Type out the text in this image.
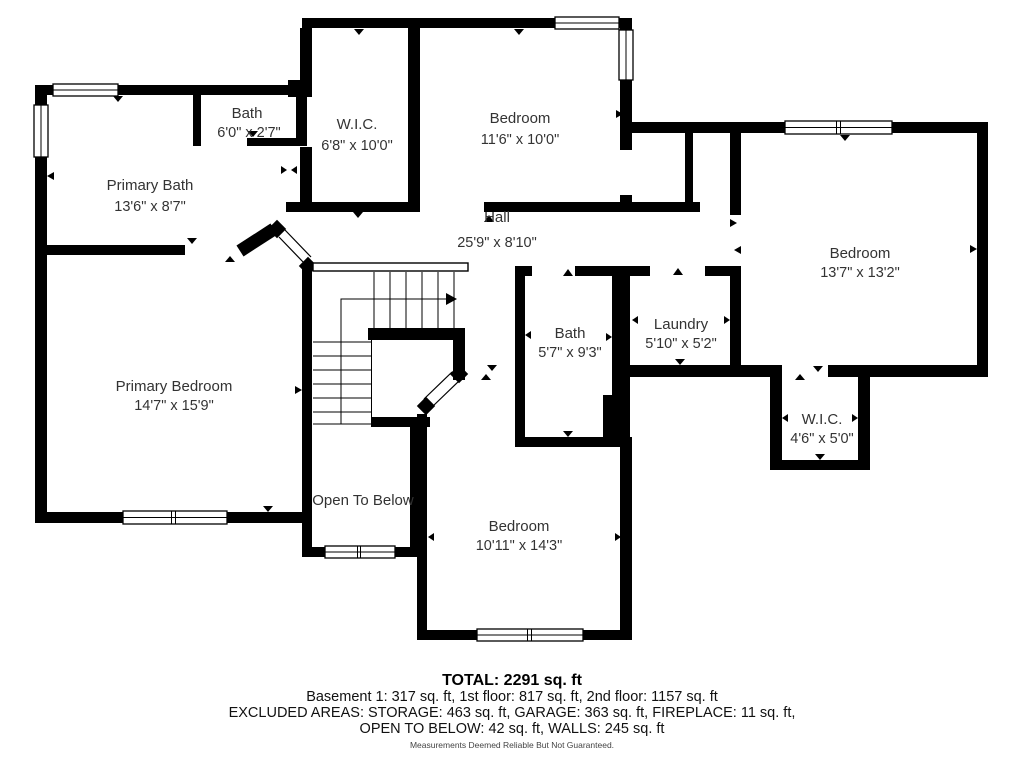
Bath
6'0" x 2'7"	W.I.C.
6'8" x 10'0"
Bedroom
11'6" x 10'0"
Primary Bath
13'6" x 8'7"
Hall
25'9" x 8'10"
Bedroom
13'7" x 13'2"
Primary Bedroom
14'7" x 15'9"
Bath
5'7" x 9'3"
Laundry
5'10" x 5'2"
W.I.C.
4'6" x 5'0"
Open To Below
Bedroom
10'11" x 14'3"
TOTAL: 2291 sq. ft
Basement 1: 317 sq. ft, 1st floor: 817 sq. ft, 2nd floor: 1157 sq. ft
EXCLUDED AREAS: STORAGE: 463 sq. ft, GARAGE: 363 sq. ft, FIREPLACE: 11 sq. ft,
OPEN TO BELOW: 42 sq. ft, WALLS: 245 sq. ft
Measurements Deemed Reliable But Not Guaranteed.
